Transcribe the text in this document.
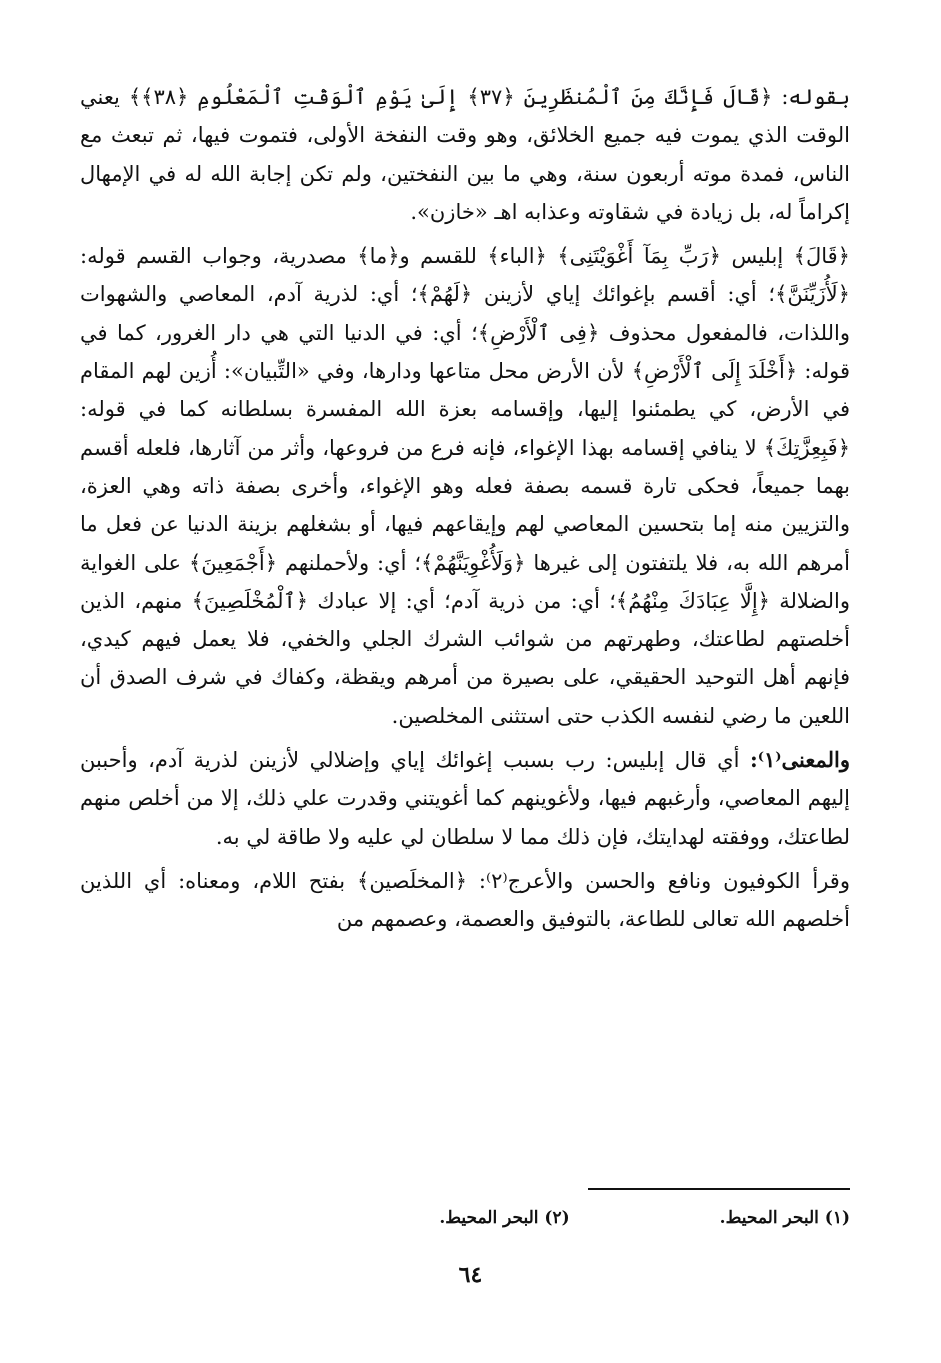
بقوله: ﴿قَالَ فَإِنَّكَ مِنَ ٱلْمُنظَرِينَ ﴿٣٧﴾ إِلَىٰ يَوْمِ ٱلْوَقْتِ ٱلْمَعْلُومِ ﴿٣٨﴾﴾ يعني الوقت الذي يموت فيه جميع الخلائق، وهو وقت النفخة الأولى، فتموت فيها، ثم تبعث مع الناس، فمدة موته أربعون سنة، وهي ما بين النفختين، ولم تكن إجابة الله له في الإمهال إكراماً له، بل زيادة في شقاوته وعذابه اهـ «خازن».

﴿قَالَ﴾ إبليس ﴿رَبِّ بِمَآ أَغْوَيْتَنِى﴾ ﴿الباء﴾ للقسم و﴿ما﴾ مصدرية، وجواب القسم قوله: ﴿لَأُزَيِّنَنَّ﴾؛ أي: أقسم بإغوائك إياي لأزينن ﴿لَهُمْ﴾؛ أي: لذرية آدم، المعاصي والشهوات واللذات، فالمفعول محذوف ﴿فِى ٱلْأَرْضِ﴾؛ أي: في الدنيا التي هي دار الغرور، كما في قوله: ﴿أَخْلَدَ إِلَى ٱلْأَرْضِ﴾ لأن الأرض محل متاعها ودارها، وفي «التِّبيان»: أُزين لهم المقام في الأرض، كي يطمئنوا إليها، وإقسامه بعزة الله المفسرة بسلطانه كما في قوله: ﴿فَبِعِزَّتِكَ﴾ لا ينافي إقسامه بهذا الإغواء، فإنه فرع من فروعها، وأثر من آثارها، فلعله أقسم بهما جميعاً، فحكى تارة قسمه بصفة فعله وهو الإغواء، وأخرى بصفة ذاته وهي العزة، والتزيين منه إما بتحسين المعاصي لهم وإيقاعهم فيها، أو بشغلهم بزينة الدنيا عن فعل ما أمرهم الله به، فلا يلتفتون إلى غيرها ﴿وَلَأُغْوِيَنَّهُمْ﴾؛ أي: ولأحملنهم ﴿أَجْمَعِينَ﴾ على الغواية والضلالة ﴿إِلَّا عِبَادَكَ مِنْهُمُ﴾؛ أي: من ذرية آدم؛ أي: إلا عبادك ﴿ٱلْمُخْلَصِينَ﴾ منهم، الذين أخلصتهم لطاعتك، وطهرتهم من شوائب الشرك الجلي والخفي، فلا يعمل فيهم كيدي، فإنهم أهل التوحيد الحقيقي، على بصيرة من أمرهم ويقظة، وكفاك في شرف الصدق أن اللعين ما رضي لنفسه الكذب حتى استثنى المخلصين.

والمعنى⁽١⁾: أي قال إبليس: رب بسبب إغوائك إياي وإضلالي لأزينن لذرية آدم، وأحببن إليهم المعاصي، وأرغبهم فيها، ولأغوينهم كما أغويتني وقدرت علي ذلك، إلا من أخلص منهم لطاعتك، ووفقته لهدايتك، فإن ذلك مما لا سلطان لي عليه ولا طاقة لي به.

وقرأ الكوفيون ونافع والحسن والأعرج⁽٢⁾: ﴿المخلَصين﴾ بفتح اللام، ومعناه: أي اللذين أخلصهم الله تعالى للطاعة، بالتوفيق والعصمة، وعصمهم من

(١) البحر المحيط.
(٢) البحر المحيط.
٦٤
